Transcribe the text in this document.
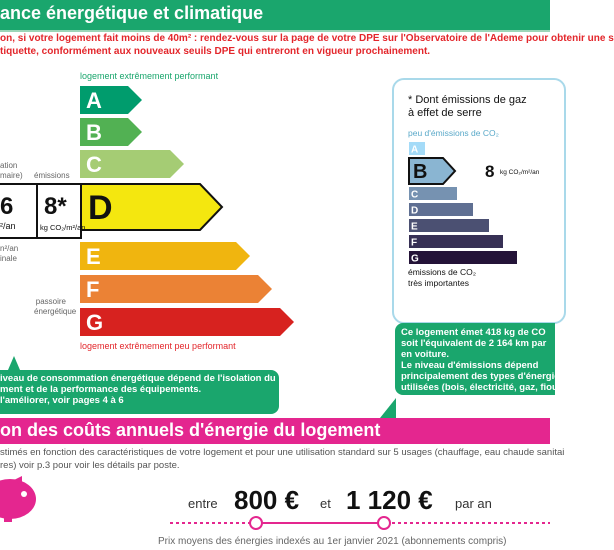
ance énergétique et climatique
on, si votre logement fait moins de 40m² : rendez-vous sur la page de votre DPE sur l'Observatoire de l'Ademe pour obtenir une s
tiquette, conformément aux nouveaux seuils DPE qui entreront en vigueur prochainement.
logement extrêmement performant
logement extrêmement peu performant
A
B
C
D
E
F
G
ation
maire) émissions
6
²/an
8*
kg CO₂/m²/an
n²/an
inale
passoire
énergétique
iveau de consommation énergétique dépend de l'isolation du
ment et de la performance des équipements.
l'améliorer, voir pages 4 à 6
* Dont émissions de gaz
à effet de serre
peu d'émissions de CO₂
8 kg CO₂/m²/an
émissions de CO₂
très importantes
A
B
C
D
E
F
G
Ce logement émet 418 kg de CO
soit l'équivalent de 2 164 km par
en voiture.
Le niveau d'émissions dépend
principalement des types d'énergie
utilisées (bois, électricité, gaz, fiou
on des coûts annuels d'énergie du logement
stimés en fonction des caractéristiques de votre logement et pour une utilisation standard sur 5 usages (chauffage, eau chaude sanitai
res) voir p.3 pour voir les détails par poste.
entre 800 € et 1 120 € par an
Prix moyens des énergies indexés au 1er janvier 2021 (abonnements compris)
